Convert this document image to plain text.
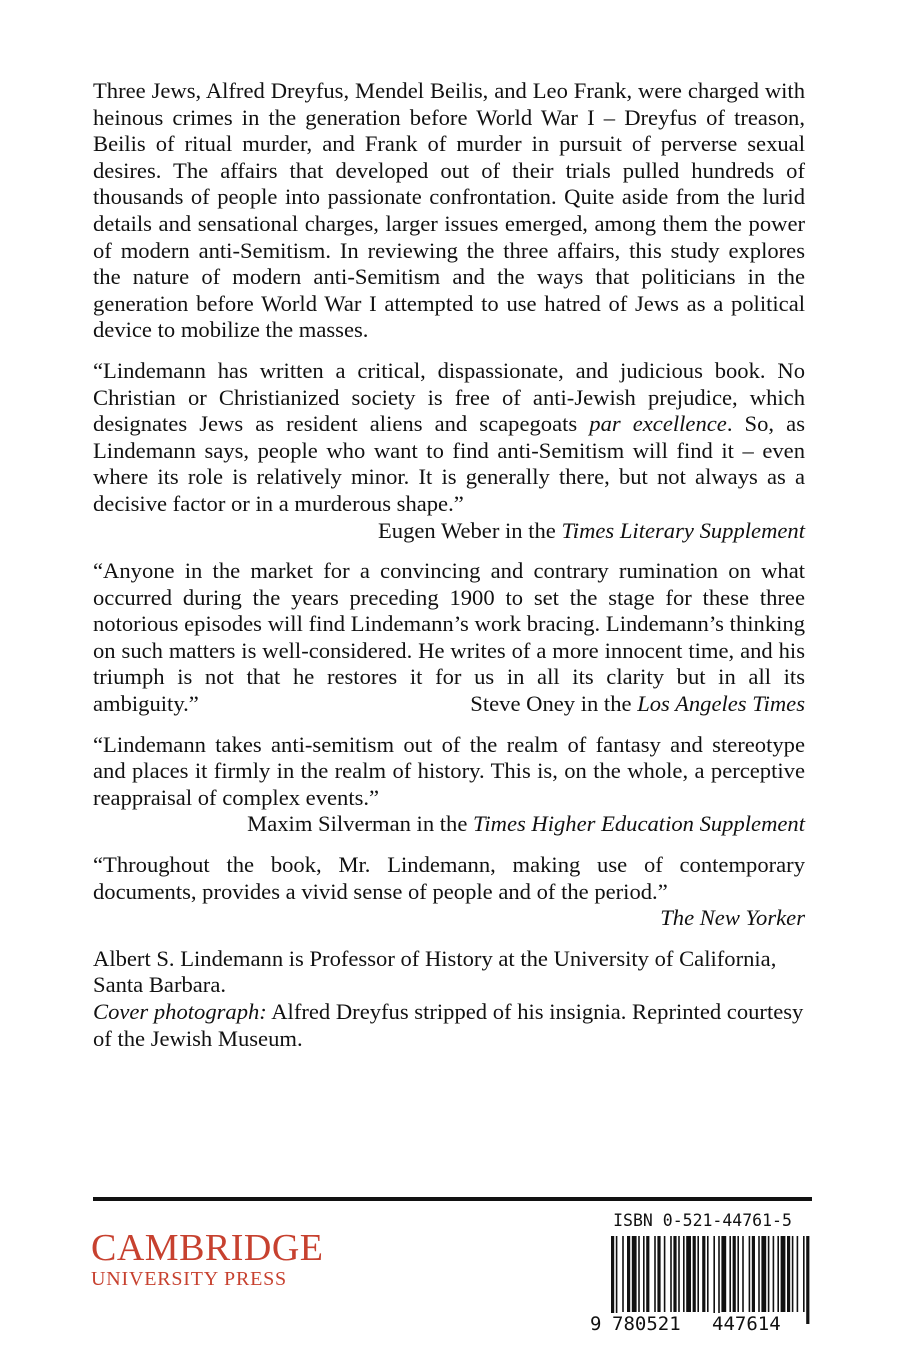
Three Jews, Alfred Dreyfus, Mendel Beilis, and Leo Frank, were charged with heinous crimes in the generation before World War I – Dreyfus of treason, Beilis of ritual murder, and Frank of murder in pursuit of perverse sexual desires. The affairs that developed out of their trials pulled hundreds of thousands of people into passionate confrontation. Quite aside from the lurid details and sensational charges, larger issues emerged, among them the power of modern anti-Semitism. In reviewing the three affairs, this study explores the nature of modern anti-Semitism and the ways that politicians in the generation before World War I attempted to use hatred of Jews as a political device to mobilize the masses.

“Lindemann has written a critical, dispassionate, and judicious book. No Christian or Christianized society is free of anti-Jewish prejudice, which designates Jews as resident aliens and scapegoats par excellence. So, as Lindemann says, people who want to find anti-Semitism will find it – even where its role is relatively minor. It is generally there, but not always as a decisive factor or in a murderous shape.”

Eugen Weber in the Times Literary Supplement

“Anyone in the market for a convincing and contrary rumination on what occurred during the years preceding 1900 to set the stage for these three notorious episodes will find Lindemann’s work bracing. Lindemann’s thinking on such matters is well-considered. He writes of a more innocent time, and his triumph is not that he restores it for us in all its clarity but in all its

ambiguity.”	Steve Oney in the Los Angeles Times

“Lindemann takes anti-semitism out of the realm of fantasy and stereotype and places it firmly in the realm of history. This is, on the whole, a perceptive reappraisal of complex events.”

Maxim Silverman in the Times Higher Education Supplement

“Throughout the book, Mr. Lindemann, making use of contemporary documents, provides a vivid sense of people and of the period.”

The New Yorker

Albert S. Lindemann is Professor of History at the University of California, Santa Barbara.

Cover photograph: Alfred Dreyfus stripped of his insignia. Reprinted courtesy of the Jewish Museum.

CAMBRIDGE
UNIVERSITY PRESS
ISBN 0-521-44761-5
9 780521 447614
